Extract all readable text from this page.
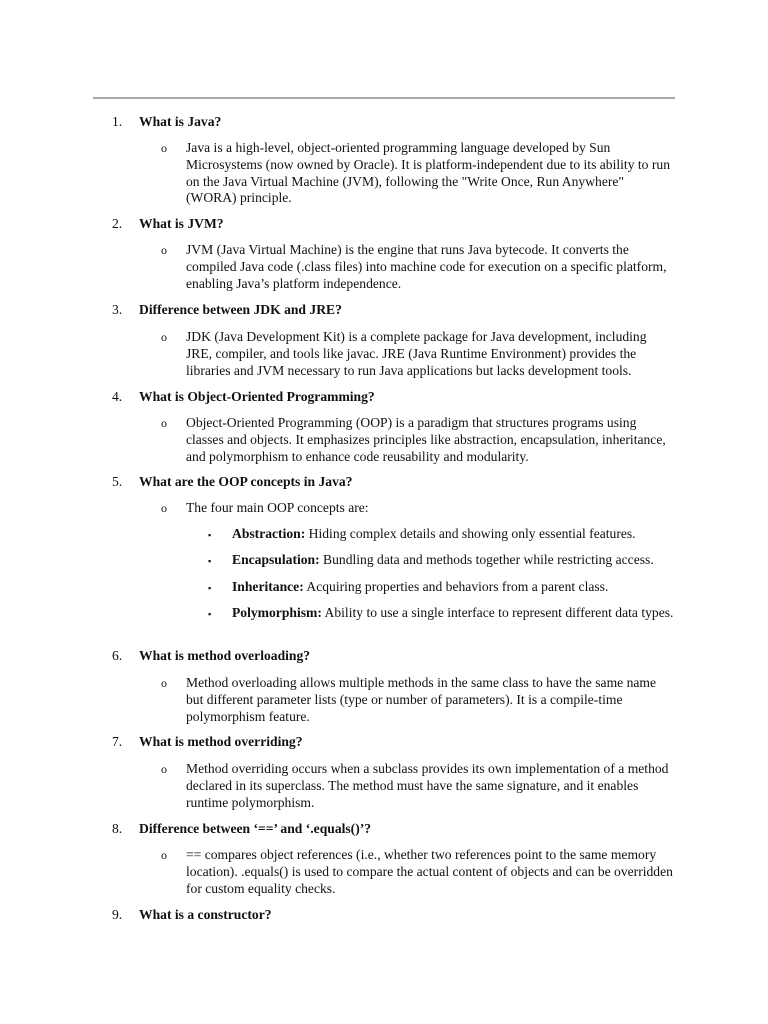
1.	What is Java?
o Java is a high-level, object-oriented programming language developed by Sun Microsystems (now owned by Oracle). It is platform-independent due to its ability to run on the Java Virtual Machine (JVM), following the "Write Once, Run Anywhere" (WORA) principle.
2.	What is JVM?
o JVM (Java Virtual Machine) is the engine that runs Java bytecode. It converts the compiled Java code (.class files) into machine code for execution on a specific platform, enabling Java’s platform independence.
3.	Difference between JDK and JRE?
o JDK (Java Development Kit) is a complete package for Java development, including JRE, compiler, and tools like javac. JRE (Java Runtime Environment) provides the libraries and JVM necessary to run Java applications but lacks development tools.
4.	What is Object-Oriented Programming?
o Object-Oriented Programming (OOP) is a paradigm that structures programs using classes and objects. It emphasizes principles like abstraction, encapsulation, inheritance, and polymorphism to enhance code reusability and modularity.
5.	What are the OOP concepts in Java?
o The four main OOP concepts are:
▪ Abstraction: Hiding complex details and showing only essential features.
▪ Encapsulation: Bundling data and methods together while restricting access.
▪ Inheritance: Acquiring properties and behaviors from a parent class.
▪ Polymorphism: Ability to use a single interface to represent different data types.
6.	What is method overloading?
o Method overloading allows multiple methods in the same class to have the same name but different parameter lists (type or number of parameters). It is a compile-time polymorphism feature.
7.	What is method overriding?
o Method overriding occurs when a subclass provides its own implementation of a method declared in its superclass. The method must have the same signature, and it enables runtime polymorphism.
8.	Difference between ‘==’ and ‘.equals()’?
o == compares object references (i.e., whether two references point to the same memory location). .equals() is used to compare the actual content of objects and can be overridden for custom equality checks.
9.	What is a constructor?
